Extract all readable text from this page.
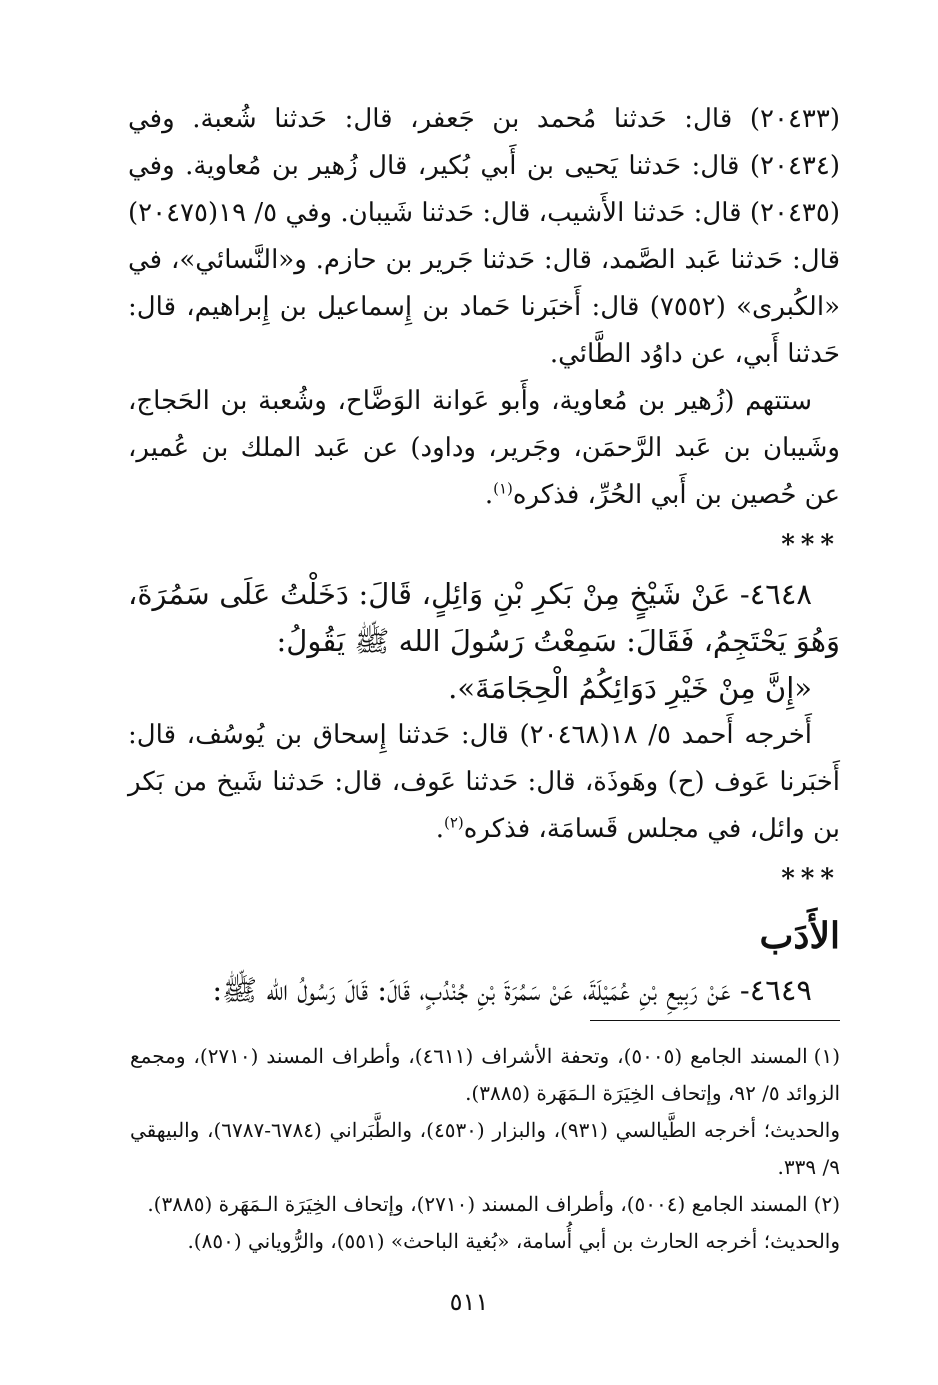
(٢٠٤٣٣) قال: حَدثنا مُحمد بن جَعفر، قال: حَدثنا شُعبة. وفي (٢٠٤٣٤) قال: حَدثنا يَحيى بن أَبي بُكير، قال زُهير بن مُعاوية. وفي (٢٠٤٣٥) قال: حَدثنا الأَشيب، قال: حَدثنا شَيبان. وفي ٥/ ١٩(٢٠٤٧٥) قال: حَدثنا عَبد الصَّمد، قال: حَدثنا جَرير بن حازم. و«النَّسائي»، في «الكُبرى» (٧٥٥٢) قال: أَخبَرنا حَماد بن إِسماعيل بن إِبراهيم، قال: حَدثنا أَبي، عن داوُد الطَّائي.

ستتهم (زُهير بن مُعاوية، وأَبو عَوانة الوَضَّاح، وشُعبة بن الحَجاج، وشَيبان بن عَبد الرَّحمَن، وجَرير، وداود) عن عَبد الملك بن عُمير، عن حُصين بن أَبي الحُرِّ، فذكره$^{(١)}$.

***

٤٦٤٨- عَنْ شَيْخٍ مِنْ بَكرِ بْنِ وَائِلٍ، قَالَ: دَخَلْتُ عَلَى سَمُرَةَ، وَهُوَ يَحْتَجِمُ، فَقَالَ: سَمِعْتُ رَسُولَ الله ﷺ يَقُولُ:

«إِنَّ مِنْ خَيْرِ دَوَائِكُمُ الْحِجَامَةَ».

أَخرجه أَحمد ٥/ ١٨(٢٠٤٦٨) قال: حَدثنا إِسحاق بن يُوسُف، قال: أَخبَرنا عَوف (ح) وهَوذَة، قال: حَدثنا عَوف، قال: حَدثنا شَيخ من بَكر بن وائل، في مجلس قَسامَة، فذكره$^{(٢)}$.

***
الأَدَب

٤٦٤٩- عَنْ رَبِيعِ بْنِ عُمَيْلَةَ، عَنْ سَمُرَةَ بْنِ جُنْدُبٍ، قَالَ: قَالَ رَسُولُ الله ﷺ:

(١)المسند الجامع (٥٠٠٥)، وتحفة الأشراف (٤٦١١)، وأطراف المسند (٢٧١٠)، ومجمع الزوائد ٥/ ٩٢، وإتحاف الخِيَرَة الـمَهَرة (٣٨٨٥).

والحديث؛ أخرجه الطَّيالسي (٩٣١)، والبزار (٤٥٣٠)، والطَّبَراني (٦٧٨٤-٦٧٨٧)، والبيهقي ٩/ ٣٣٩.

(٢)المسند الجامع (٥٠٠٤)، وأطراف المسند (٢٧١٠)، وإتحاف الخِيَرَة الـمَهَرة (٣٨٨٥).

والحديث؛ أخرجه الحارث بن أبي أُسامة، «بُغية الباحث» (٥٥١)، والرُّوياني (٨٥٠).

٥١١
